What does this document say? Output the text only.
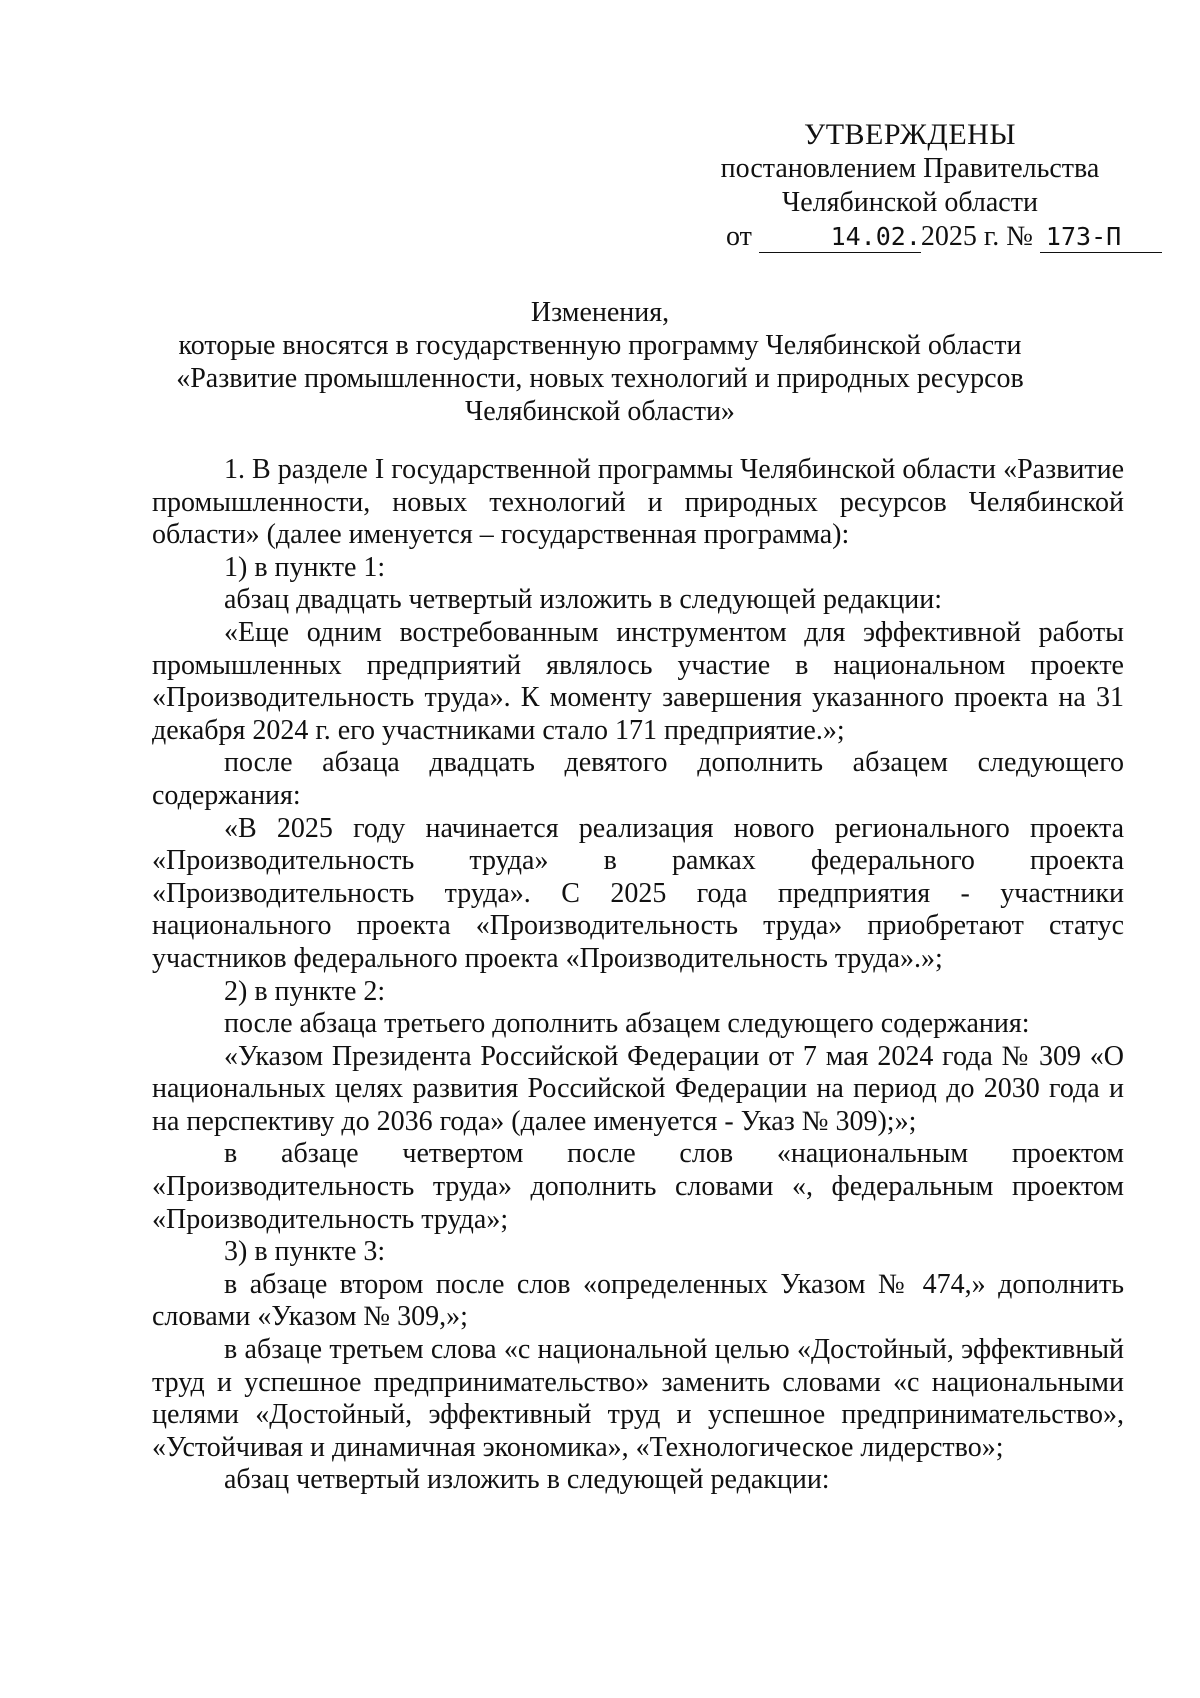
УТВЕРЖДЕНЫ
постановлением Правительства
Челябинской области
от	14.02.2025 г. № 173-П
Изменения,
которые вносятся в государственную программу Челябинской области
«Развитие промышленности, новых технологий и природных ресурсов
Челябинской области»

1. В разделе I государственной программы Челябинской области «Развитие промышленности, новых технологий и природных ресурсов Челябинской области» (далее именуется – государственная программа):

1) в пункте 1:

абзац двадцать четвертый изложить в следующей редакции:

«Еще одним востребованным инструментом для эффективной работы промышленных предприятий являлось участие в национальном проекте «Производительность труда». К моменту завершения указанного проекта на 31 декабря 2024 г. его участниками стало 171 предприятие.»;

после абзаца двадцать девятого дополнить абзацем следующего содержания:

«В 2025 году начинается реализация нового регионального проекта «Производительность труда» в рамках федерального проекта «Производительность труда». С 2025 года предприятия - участники национального проекта «Производительность труда» приобретают статус участников федерального проекта «Производительность труда».»;

2) в пункте 2:

после абзаца третьего дополнить абзацем следующего содержания:

«Указом Президента Российской Федерации от 7 мая 2024 года № 309 «О национальных целях развития Российской Федерации на период до 2030 года и на перспективу до 2036 года» (далее именуется - Указ № 309);»;

в абзаце четвертом после слов «национальным проектом «Производительность труда» дополнить словами «, федеральным проектом «Производительность труда»;

3) в пункте 3:

в абзаце втором после слов «определенных Указом № 474,» дополнить словами «Указом № 309,»;

в абзаце третьем слова «с национальной целью «Достойный, эффективный труд и успешное предпринимательство» заменить словами «с национальными целями «Достойный, эффективный труд и успешное предпринимательство», «Устойчивая и динамичная экономика», «Технологическое лидерство»;

абзац четвертый изложить в следующей редакции:
